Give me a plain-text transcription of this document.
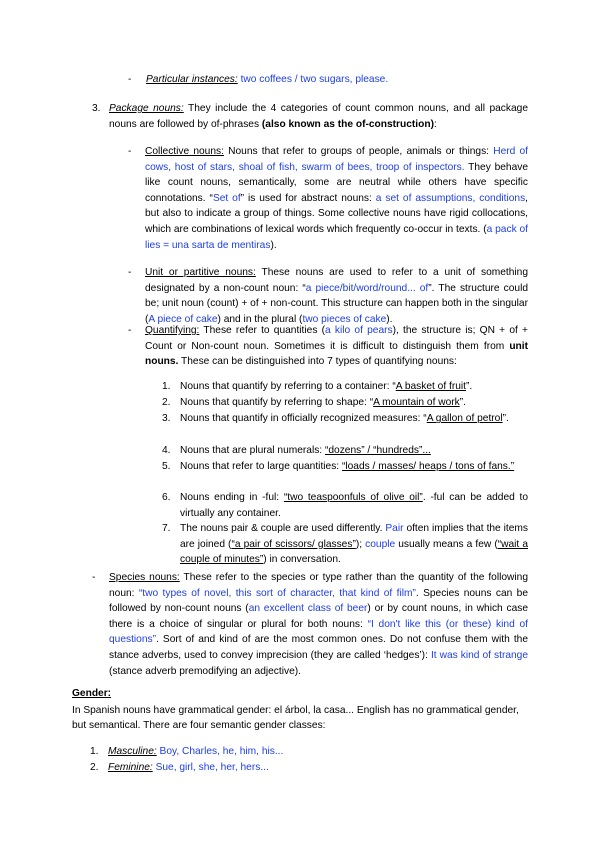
- Particular instances: two coffees / two sugars, please.
3. Package nouns: They include the 4 categories of count common nouns, and all package nouns are followed by of-phrases (also known as the of-construction):
- Collective nouns: Nouns that refer to groups of people, animals or things: Herd of cows, host of stars, shoal of fish, swarm of bees, troop of inspectors. They behave like count nouns, semantically, some are neutral while others have specific connotations. “Set of” is used for abstract nouns: a set of assumptions, conditions, but also to indicate a group of things. Some collective nouns have rigid collocations, which are combinations of lexical words which frequently co-occur in texts. (a pack of lies = una sarta de mentiras).
- Unit or partitive nouns: These nouns are used to refer to a unit of something designated by a non-count noun: “a piece/bit/word/round... of”. The structure could be; unit noun (count) + of + non-count. This structure can happen both in the singular (A piece of cake) and in the plural (two pieces of cake).
- Quantifying: These refer to quantities (a kilo of pears), the structure is; QN + of + Count or Non-count noun. Sometimes it is difficult to distinguish them from unit nouns. These can be distinguished into 7 types of quantifying nouns:
1. Nouns that quantify by referring to a container: “A basket of fruit”.
2. Nouns that quantify by referring to shape: “A mountain of work”.
3. Nouns that quantify in officially recognized measures: “A gallon of petrol”.
4. Nouns that are plural numerals: “dozens” / “hundreds”...
5. Nouns that refer to large quantities: “loads / masses/ heaps / tons of fans.”
6. Nouns ending in -ful: “two teaspoonfuls of olive oil”. -ful can be added to virtually any container.
7. The nouns pair & couple are used differently. Pair often implies that the items are joined (“a pair of scissors/ glasses”); couple usually means a few (“wait a couple of minutes”) in conversation.
- Species nouns: These refer to the species or type rather than the quantity of the following noun: “two types of novel, this sort of character, that kind of film”. Species nouns can be followed by non-count nouns (an excellent class of beer) or by count nouns, in which case there is a choice of singular or plural for both nouns: “I don't like this (or these) kind of questions”. Sort of and kind of are the most common ones. Do not confuse them with the stance adverbs, used to convey imprecision (they are called ‘hedges’): It was kind of strange (stance adverb premodifying an adjective).
Gender:
In Spanish nouns have grammatical gender: el árbol, la casa... English has no grammatical gender, but semantical. There are four semantic gender classes:
1. Masculine: Boy, Charles, he, him, his...
2. Feminine: Sue, girl, she, her, hers...
